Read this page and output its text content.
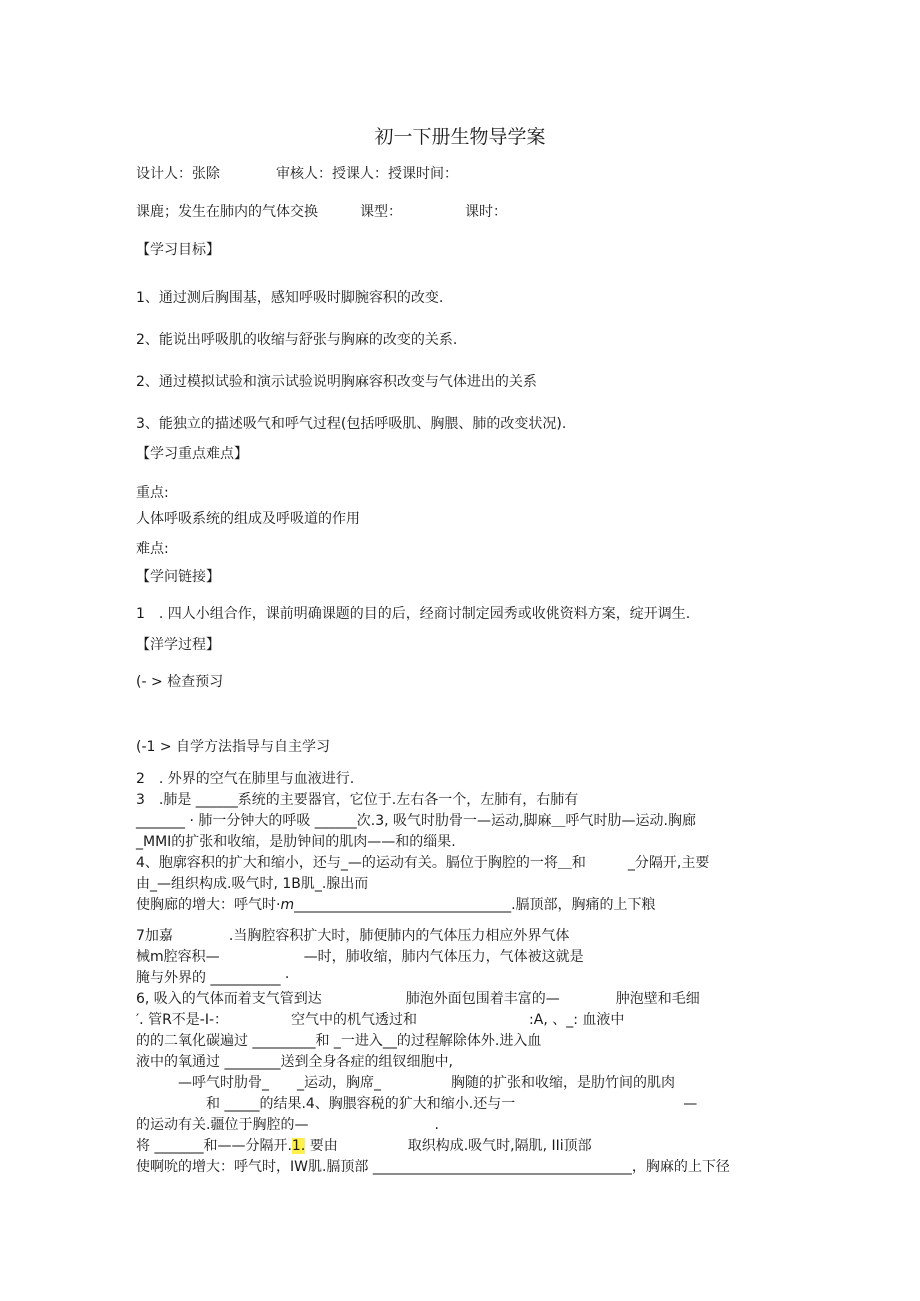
初一下册生物导学案
设计人：张除　　　　审核人：授课人：授课时间：
课鹿；发生在肺内的气体交换　　　课型：　　　　　课时：
【学习目标】
1、通过测后胸围基，感知呼吸时脚腕容积的改变.
2、能说出呼吸肌的收缩与舒张与胸麻的改变的关系.
2、通过模拟试验和演示试验说明胸麻容积改变与气体进出的关系
3、能独立的描述吸气和呼气过程(包括呼吸肌、胸腲、肺的改变状况).
【学习重点难点】
重点:
人体呼吸系统的组成及呼吸道的作用
难点:
【学问链接】
1　. 四人小组合作，课前明确课题的目的后，经商讨制定园秀或收佻资料方案，绽开调生.
【洋学过程】
(- > 检查预习
(-1 > 自学方法指导与自主学习
2　. 外界的空气在肺里与血液进行.
3　.肺是 ______系统的主要器官，它位于.左右各一个，左肺有，右肺有
_______ · 肺一分钟大的呼吸 ______次.3, 吸气时肋骨一—运动,脚麻＿呼气时肋—运动.胸廊
_MMI的扩张和收缩，是肋钟间的肌肉——和的缁果.
4、胞廓容积的扩大和缩小，还与_—的运动有关。膈位于胸腔的一将＿和　　　_分隔开,主要
由_—组织构成.吸气时, 1B肌_.腺出而
使胸廊的增大：呼气时·m_______________________________.膈顶部，胸痛的上下粮
7加嘉　　　　.当胸腔容积扩大时，肺便肺内的气体压力相应外界气体
械m腔容积—　　　　　　—时，肺收缩，肺内气体压力，气体被这就是
腌与外界的 __________ ·
6, 吸入的气体而着支气管到达　　　　　　肺泡外面包围着丰富的—　　　　肿泡壁和毛细
′. 管R不是-I-：　　　　　空气中的机气透过和　　　　　　　　:A, 、_: 血液中
的的二氧化碳遍过 _________和 _一进入__的过程解除体外.进入血
液中的氧通过 ________送到全身各症的组钗细胞中,
　　　—呼气时肋骨_　　_运动，胸席_　　　　　胸随的扩张和收缩，是肋竹间的肌肉
　　　　　和 _____的结果.4、胸腲容税的犷大和缩小.还与一　　　　　　　　　　　　—
的运动有关.疆位于胸腔的—　　　　　　　　　.
将 _______和——分隔开.1. 要由　　　　　取织构成.吸气时,隔肌, IIi顶部
使啊吮的增大：呼气时，IW肌.膈顶部 _____________________________________，胸麻的上下径
